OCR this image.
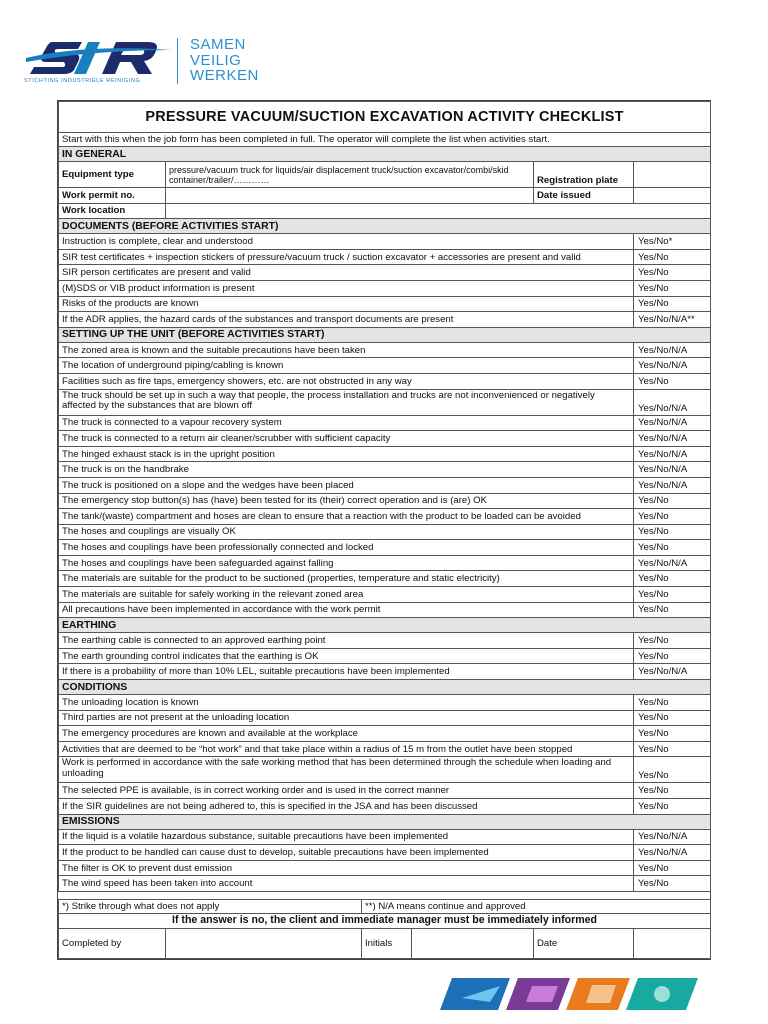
STICHTING INDUSTRIËLE REINIGING
SAMEN
VEILIG
WERKEN
PRESSURE VACUUM/SUCTION EXCAVATION ACTIVITY CHECKLIST				
Start with this when the job form has been completed in full. The operator will complete the list when activities start.				
IN GENERAL				
Equipment type	pressure/vacuum truck for liquids/air displacement truck/suction excavator/combi/skid container/trailer/…………		Registration plate	
Work permit no.			Date issued	
Work location				
DOCUMENTS (BEFORE ACTIVITIES START)				
Instruction is complete, clear and understood				Yes/No*
SIR test certificates + inspection stickers of pressure/vacuum truck / suction excavator + accessories are present and valid				Yes/No
SIR person certificates are present and valid				Yes/No
(M)SDS or VIB product information is present				Yes/No
Risks of the products are known				Yes/No
If the ADR applies, the hazard cards of the substances and transport documents are present				Yes/No/N/A**
SETTING UP THE UNIT (BEFORE ACTIVITIES START)				
The zoned area is known and the suitable precautions have been taken				Yes/No/N/A
The location of underground piping/cabling is known				Yes/No/N/A
Facilities such as fire taps, emergency showers, etc. are not obstructed in any way				Yes/No
The truck should be set up in such a way that people, the process installation and trucks are not inconvenienced or negatively affected by the substances that are blown off				Yes/No/N/A
The truck is connected to a vapour recovery system				Yes/No/N/A
The truck is connected to a return air cleaner/scrubber with sufficient capacity				Yes/No/N/A
The hinged exhaust stack is in the upright position				Yes/No/N/A
The truck is on the handbrake				Yes/No/N/A
The truck is positioned on a slope and the wedges have been placed				Yes/No/N/A
The emergency stop button(s) has (have) been tested for its (their) correct operation and is (are) OK				Yes/No
The tank/(waste) compartment and hoses are clean to ensure that a reaction with the product to be loaded can be avoided				Yes/No
The hoses and couplings are visually OK				Yes/No
The hoses and couplings have been professionally connected and locked				Yes/No
The hoses and couplings have been safeguarded against falling				Yes/No/N/A
The materials are suitable for the product to be suctioned (properties, temperature and static electricity)				Yes/No
The materials are suitable for safely working in the relevant zoned area				Yes/No
All precautions have been implemented in accordance with the work permit				Yes/No
EARTHING				
The earthing cable is connected to an approved earthing point				Yes/No
The earth grounding control indicates that the earthing is OK				Yes/No
If there is a probability of more than 10% LEL, suitable precautions have been implemented				Yes/No/N/A
CONDITIONS				
The unloading location is known				Yes/No
Third parties are not present at the unloading location				Yes/No
The emergency procedures are known and available at the workplace				Yes/No
Activities that are deemed to be “hot work” and that take place within a radius of 15 m from the outlet have been stopped				Yes/No
Work is performed in accordance with the safe working method that has been determined through the schedule when loading and unloading				Yes/No
The selected PPE is available, is in correct working order and is used in the correct manner				Yes/No
If the SIR guidelines are not being adhered to, this is specified in the JSA and has been discussed				Yes/No
EMISSIONS				
If the liquid is a volatile hazardous substance, suitable precautions have been implemented				Yes/No/N/A
If the product to be handled can cause dust to develop, suitable precautions have been implemented				Yes/No/N/A
The filter is OK to prevent dust emission				Yes/No
The wind speed has been taken into account				Yes/No

*) Strike through what does not apply		**) N/A means continue and approved		
If the answer is no, the client and immediate manager must be immediately informed				
Completed by		Initials	Date	
